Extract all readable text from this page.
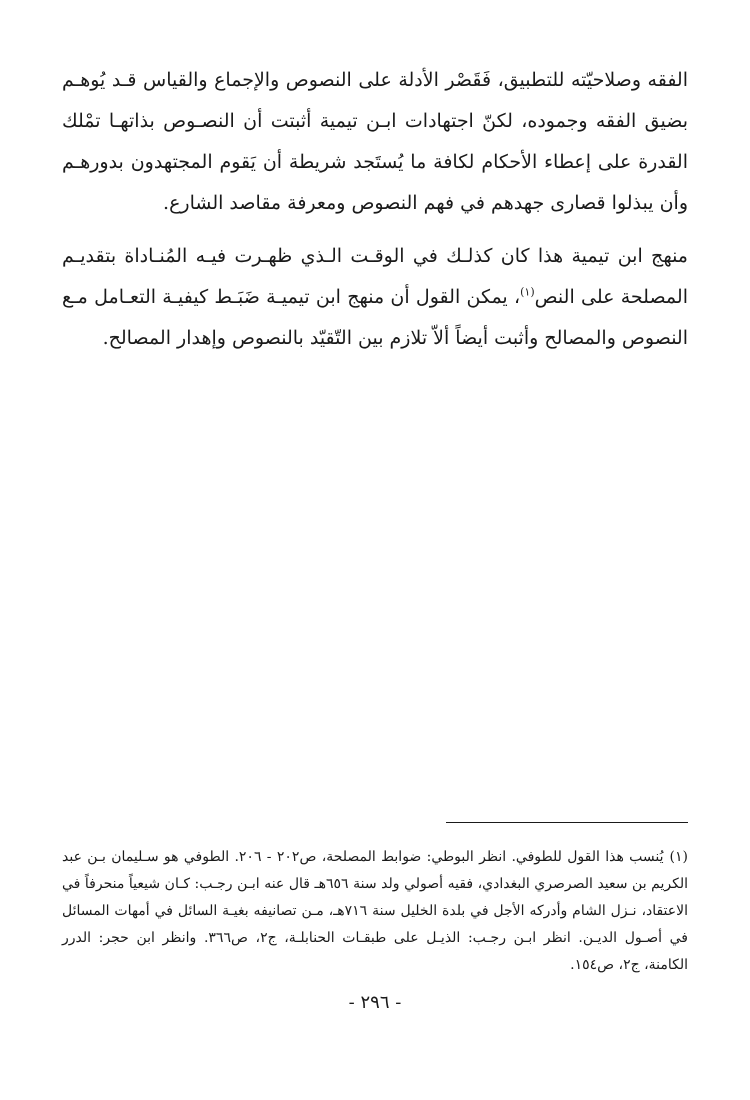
الفقه وصلاحيّته للتطبيق، فَقَصْر الأدلة على النصوص والإجماع والقياس قـد يُوهـم بضيق الفقه وجموده، لكنّ اجتهادات ابـن تيمية أثبتت أن النصـوص بذاتهـا تمْلك القدرة على إعطاء الأحكام لكافة ما يُستَجد شريطة أن يَقوم المجتهدون بدورهـم وأن يبذلوا قصارى جهدهم في فهم النصوص ومعرفة مقاصد الشارع.

منهج ابن تيمية هذا كان كذلـك في الوقـت الـذي ظهـرت فيـه المُنـاداة بتقديـم المصلحة على النص$^{(١)}$، يمكن القول أن منهج ابن تيميـة ضَبَـط كيفيـة التعـامل مـع النصوص والمصالح وأثبت أيضاً ألاّ تلازم بين التّقيّد بالنصوص وإهدار المصالح.

(١)يُنسب هذا القول للطوفي. انظر البوطي: ضوابط المصلحة، ص٢٠٢ - ٢٠٦. الطوفي هو سـليمان بـن عبد الكريم بن سعيد الصرصري البغدادي، فقيه أصولي ولد سنة ٦٥٦هـ قال عنه ابـن رجـب: كـان شيعياً منحرفاً في الاعتقاد، نـزل الشام وأدركه الأجل في بلدة الخليل سنة ٧١٦هـ، مـن تصانيفه بغيـة السائل في أمهات المسائل في أصـول الديـن. انظر ابـن رجـب: الذيـل على طبقـات الحنابلـة، ج٢، ص٣٦٦. وانظر ابن حجر: الدرر الكامنة، ج٢، ص١٥٤.

- ٢٩٦ -
